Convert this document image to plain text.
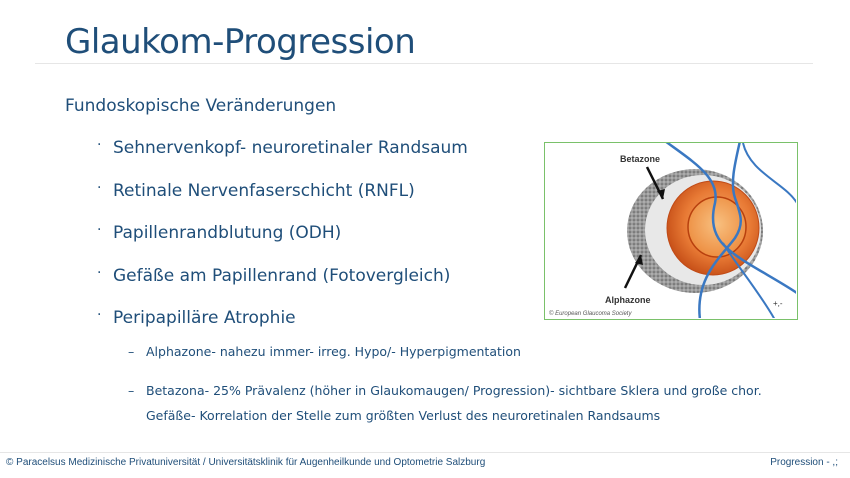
Glaukom-Progression
Fundoskopische Veränderungen
· Sehnervenkopf- neuroretinaler Randsaum
· Retinale Nervenfaserschicht (RNFL)
· Papillenrandblutung (ODH)
· Gefäße am Papillenrand (Fotovergleich)
· Peripapilläre Atrophie
– Alphazone- nahezu immer- irreg. Hypo/- Hyperpigmentation
– Betazona- 25% Prävalenz (höher in Glaukomaugen/ Progression)- sichtbare Sklera und große chor. Gefäße- Korrelation der Stelle zum größten Verlust des neuroretinalen Randsaums
Betazone
Alphazone
© European Glaucoma Society
+,-
© Paracelsus Medizinische Privatuniversität / Universitätsklinik für Augenheilkunde und Optometrie Salzburg	Progression - ,;
